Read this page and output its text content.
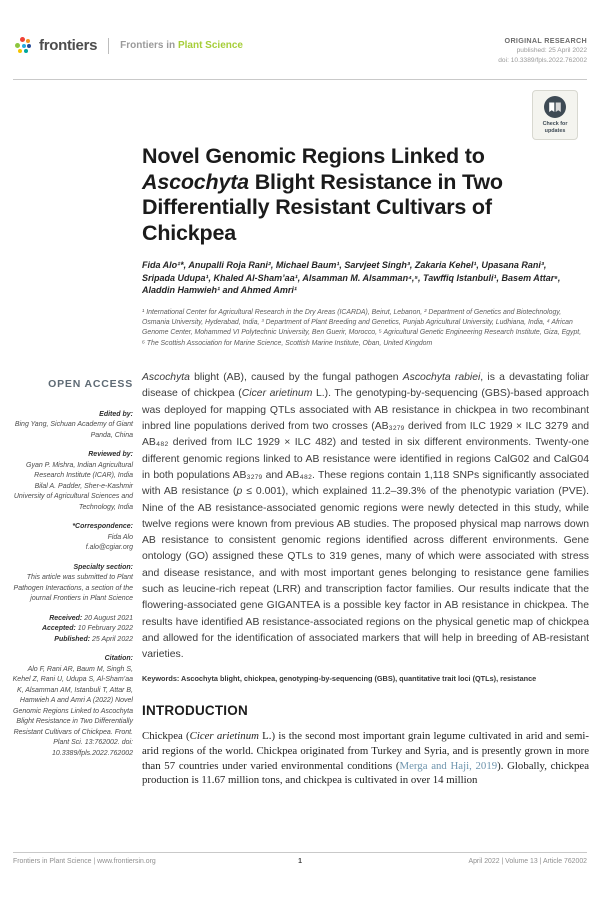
frontiers Frontiers in Plant Science	ORIGINAL RESEARCH
published: 25 April 2022
doi: 10.3389/fpls.2022.762002
Check for updates
OPEN ACCESS
Edited by:
Bing Yang, Sichuan Academy of Giant Panda, China
Reviewed by:
Gyan P. Mishra, Indian Agricultural Research Institute (ICAR), India
Bilal A. Padder, Sher-e-Kashmir University of Agricultural Sciences and Technology, India
*Correspondence:
Fida Alo
f.alo@cgiar.org
Specialty section:
This article was submitted to Plant Pathogen Interactions, a section of the journal Frontiers in Plant Science
Received: 20 August 2021
Accepted: 10 February 2022
Published: 25 April 2022
Citation:
Alo F, Rani AR, Baum M, Singh S, Kehel Z, Rani U, Udupa S, Al-Sham’aa K, Alsamman AM, Istanbuli T, Attar B, Hamwieh A and Amri A (2022) Novel Genomic Regions Linked to Ascochyta Blight Resistance in Two Differentially Resistant Cultivars of Chickpea. Front. Plant Sci. 13:762002. doi: 10.3389/fpls.2022.762002
Novel Genomic Regions Linked to Ascochyta Blight Resistance in Two Differentially Resistant Cultivars of Chickpea
Fida Alo¹*, Anupalli Roja Rani², Michael Baum¹, Sarvjeet Singh³, Zakaria Kehel¹, Upasana Rani³, Sripada Udupa¹, Khaled Al-Sham’aa¹, Alsamman M. Alsamman⁴,⁵, Tawffiq Istanbuli¹, Basem Attar⁶, Aladdin Hamwieh¹ and Ahmed Amri¹
¹ International Center for Agricultural Research in the Dry Areas (ICARDA), Beirut, Lebanon, ² Department of Genetics and Biotechnology, Osmania University, Hyderabad, India, ³ Department of Plant Breeding and Genetics, Punjab Agricultural University, Ludhiana, India, ⁴ African Genome Center, Mohammed VI Polytechnic University, Ben Guerir, Morocco, ⁵ Agricultural Genetic Engineering Research Institute, Giza, Egypt, ⁶ The Scottish Association for Marine Science, Scottish Marine Institute, Oban, United Kingdom

Ascochyta blight (AB), caused by the fungal pathogen Ascochyta rabiei, is a devastating foliar disease of chickpea (Cicer arietinum L.). The genotyping-by-sequencing (GBS)-based approach was deployed for mapping QTLs associated with AB resistance in chickpea in two recombinant inbred line populations derived from two crosses (AB₃₂₇₉ derived from ILC 1929 × ILC 3279 and AB₄₈₂ derived from ILC 1929 × ILC 482) and tested in six different environments. Twenty-one different genomic regions linked to AB resistance were identified in regions CalG02 and CalG04 in both populations AB₃₂₇₉ and AB₄₈₂. These regions contain 1,118 SNPs significantly associated with AB resistance (p ≤ 0.001), which explained 11.2–39.3% of the phenotypic variation (PVE). Nine of the AB resistance-associated genomic regions were newly detected in this study, while twelve regions were known from previous AB studies. The proposed physical map narrows down AB resistance to consistent genomic regions identified across different environments. Gene ontology (GO) assigned these QTLs to 319 genes, many of which were associated with stress and disease resistance, and with most important genes belonging to resistance gene families such as leucine-rich repeat (LRR) and transcription factor families. Our results indicate that the flowering-associated gene GIGANTEA is a possible key factor in AB resistance in chickpea. The results have identified AB resistance-associated regions on the physical genetic map of chickpea and allowed for the identification of associated markers that will help in breeding of AB-resistant varieties.

Keywords: Ascochyta blight, chickpea, genotyping-by-sequencing (GBS), quantitative trait loci (QTLs), resistance
INTRODUCTION

Chickpea (Cicer arietinum L.) is the second most important grain legume cultivated in arid and semi-arid regions of the world. Chickpea originated from Turkey and Syria, and is presently grown in more than 57 countries under varied environmental conditions (Merga and Haji, 2019). Globally, chickpea production is 11.67 million tons, and chickpea is cultivated in over 14 million

Frontiers in Plant Science | www.frontiersin.org	1	April 2022 | Volume 13 | Article 762002
